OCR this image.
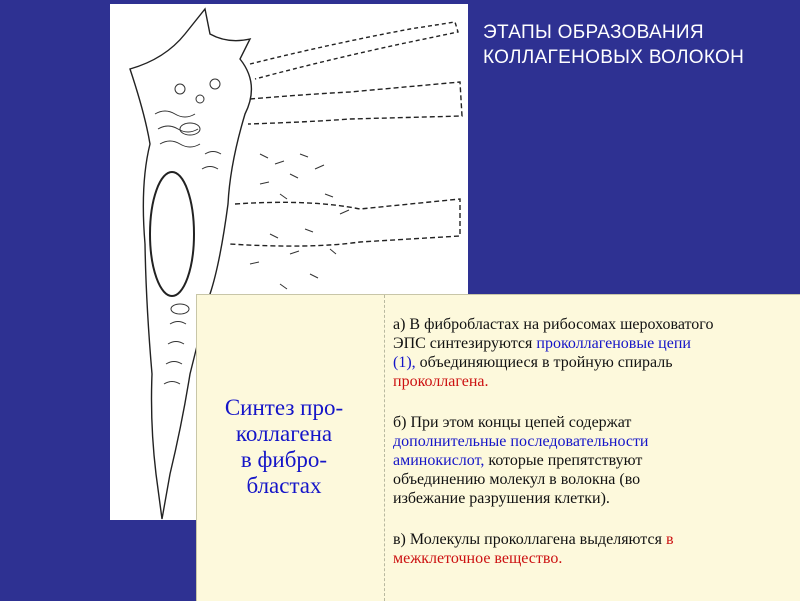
ЭТАПЫ ОБРАЗОВАНИЯ
КОЛЛАГЕНОВЫХ ВОЛОКОН
Синтез про-
коллагена
в фибро-
бластах

а) В фибробластах на рибосомах шероховатого
ЭПС синтезируются проколлагеновые цепи
(1), объединяющиеся в тройную спираль
проколлагена.

б) При этом концы цепей содержат
дополнительные последовательности
аминокислот, которые препятствуют
объединению молекул в волокна (во
избежание разрушения клетки).

в) Молекулы проколлагена выделяются в
межклеточное вещество.
